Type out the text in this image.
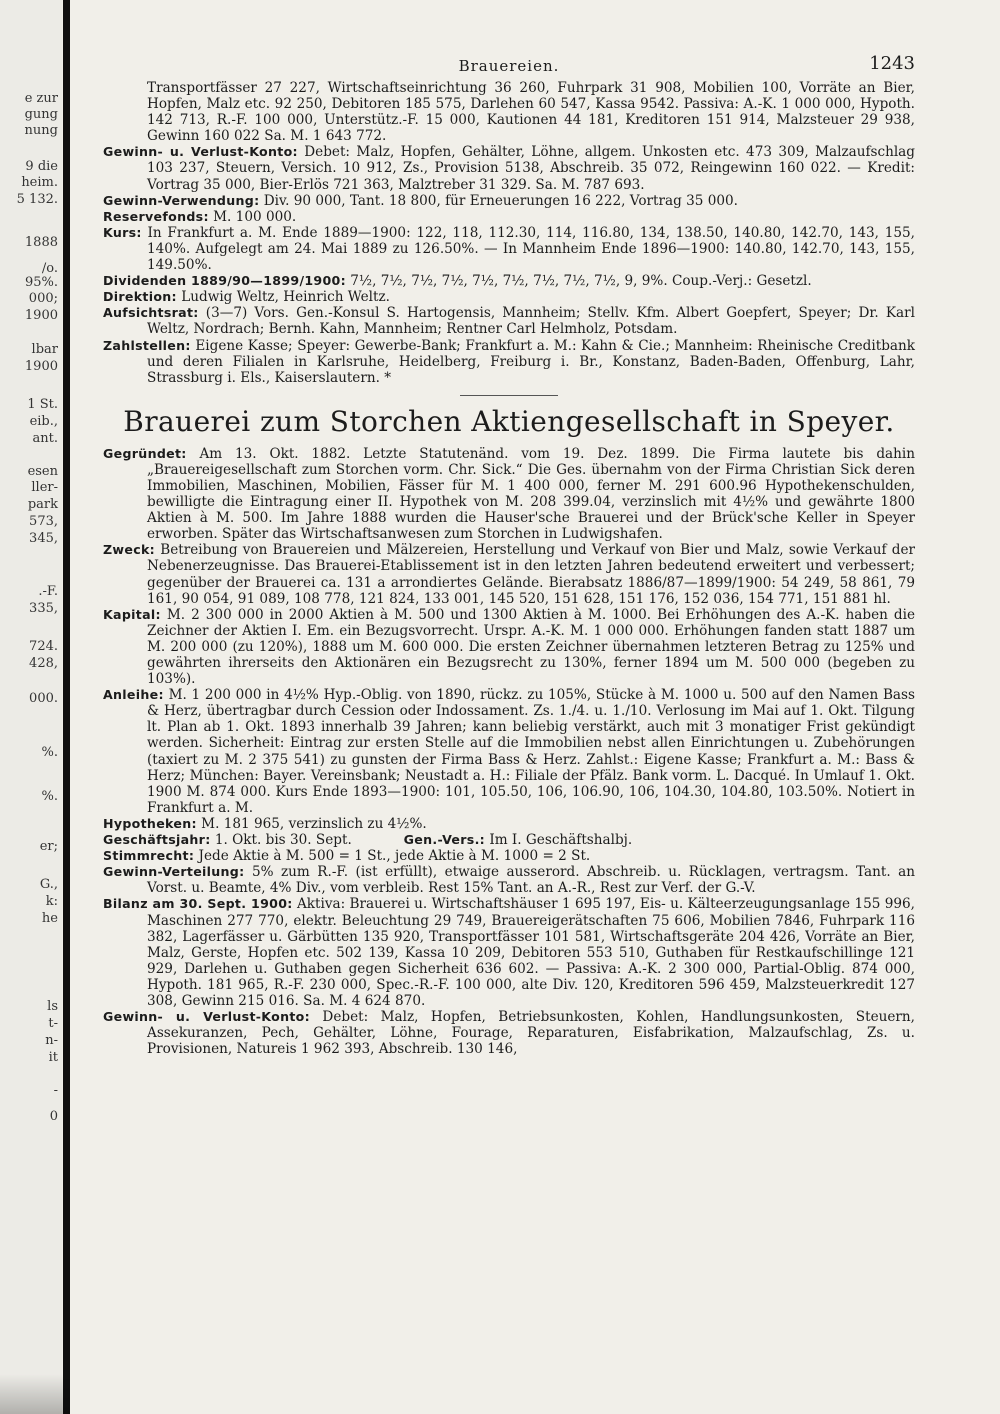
e zur
gung
nung
9 die
heim.
5 132.
1888
/o.
95%.
000;
1900
lbar
1900
1 St.
eib.,
ant.
esen
ller-
park
573,
345,
.-F.
335,
724.
428,
000.
%.
%.
er;
G.,
k:
he
ls
t-
n-
it
-
0
Brauereien.	1243

Transportfässer 27 227, Wirtschaftseinrichtung 36 260, Fuhrpark 31 908, Mobilien 100, Vorräte an Bier, Hopfen, Malz etc. 92 250, Debitoren 185 575, Darlehen 60 547, Kassa 9542. Passiva: A.-K. 1 000 000, Hypoth. 142 713, R.-F. 100 000, Unterstütz.-F. 15 000, Kautionen 44 181, Kreditoren 151 914, Malzsteuer 29 938, Gewinn 160 022 Sa. M. 1 643 772.

Gewinn- u. Verlust-Konto: Debet: Malz, Hopfen, Gehälter, Löhne, allgem. Unkosten etc. 473 309, Malzaufschlag 103 237, Steuern, Versich. 10 912, Zs., Provision 5138, Abschreib. 35 072, Reingewinn 160 022. — Kredit: Vortrag 35 000, Bier-Erlös 721 363, Malztreber 31 329. Sa. M. 787 693.

Gewinn-Verwendung: Div. 90 000, Tant. 18 800, für Erneuerungen 16 222, Vortrag 35 000.

Reservefonds: M. 100 000.

Kurs: In Frankfurt a. M. Ende 1889—1900: 122, 118, 112.30, 114, 116.80, 134, 138.50, 140.80, 142.70, 143, 155, 140%. Aufgelegt am 24. Mai 1889 zu 126.50%. — In Mannheim Ende 1896—1900: 140.80, 142.70, 143, 155, 149.50%.

Dividenden 1889/90—1899/1900: 7½, 7½, 7½, 7½, 7½, 7½, 7½, 7½, 7½, 9, 9%. Coup.-Verj.: Gesetzl.

Direktion: Ludwig Weltz, Heinrich Weltz.

Aufsichtsrat: (3—7) Vors. Gen.-Konsul S. Hartogensis, Mannheim; Stellv. Kfm. Albert Goepfert, Speyer; Dr. Karl Weltz, Nordrach; Bernh. Kahn, Mannheim; Rentner Carl Helmholz, Potsdam.

Zahlstellen: Eigene Kasse; Speyer: Gewerbe-Bank; Frankfurt a. M.: Kahn & Cie.; Mannheim: Rheinische Creditbank und deren Filialen in Karlsruhe, Heidelberg, Freiburg i. Br., Konstanz, Baden-Baden, Offenburg, Lahr, Strassburg i. Els., Kaiserslautern. *

Brauerei zum Storchen Aktiengesellschaft in Speyer.

Gegründet: Am 13. Okt. 1882. Letzte Statutenänd. vom 19. Dez. 1899. Die Firma lautete bis dahin „Brauereigesellschaft zum Storchen vorm. Chr. Sick.“ Die Ges. übernahm von der Firma Christian Sick deren Immobilien, Maschinen, Mobilien, Fässer für M. 1 400 000, ferner M. 291 600.96 Hypothekenschulden, bewilligte die Eintragung einer II. Hypothek von M. 208 399.04, verzinslich mit 4½% und gewährte 1800 Aktien à M. 500. Im Jahre 1888 wurden die Hauser'sche Brauerei und der Brück'sche Keller in Speyer erworben. Später das Wirtschaftsanwesen zum Storchen in Ludwigshafen.

Zweck: Betreibung von Brauereien und Mälzereien, Herstellung und Verkauf von Bier und Malz, sowie Verkauf der Nebenerzeugnisse. Das Brauerei-Etablissement ist in den letzten Jahren bedeutend erweitert und verbessert; gegenüber der Brauerei ca. 131 a arrondiertes Gelände. Bierabsatz 1886/87—1899/1900: 54 249, 58 861, 79 161, 90 054, 91 089, 108 778, 121 824, 133 001, 145 520, 151 628, 151 176, 152 036, 154 771, 151 881 hl.

Kapital: M. 2 300 000 in 2000 Aktien à M. 500 und 1300 Aktien à M. 1000. Bei Erhöhungen des A.-K. haben die Zeichner der Aktien I. Em. ein Bezugsvorrecht. Urspr. A.-K. M. 1 000 000. Erhöhungen fanden statt 1887 um M. 200 000 (zu 120%), 1888 um M. 600 000. Die ersten Zeichner übernahmen letzteren Betrag zu 125% und gewährten ihrerseits den Aktionären ein Bezugsrecht zu 130%, ferner 1894 um M. 500 000 (begeben zu 103%).

Anleihe: M. 1 200 000 in 4½% Hyp.-Oblig. von 1890, rückz. zu 105%, Stücke à M. 1000 u. 500 auf den Namen Bass & Herz, übertragbar durch Cession oder Indossament. Zs. 1./4. u. 1./10. Verlosung im Mai auf 1. Okt. Tilgung lt. Plan ab 1. Okt. 1893 innerhalb 39 Jahren; kann beliebig verstärkt, auch mit 3 monatiger Frist gekündigt werden. Sicherheit: Eintrag zur ersten Stelle auf die Immobilien nebst allen Einrichtungen u. Zubehörungen (taxiert zu M. 2 375 541) zu gunsten der Firma Bass & Herz. Zahlst.: Eigene Kasse; Frankfurt a. M.: Bass & Herz; München: Bayer. Vereinsbank; Neustadt a. H.: Filiale der Pfälz. Bank vorm. L. Dacqué. In Umlauf 1. Okt. 1900 M. 874 000. Kurs Ende 1893—1900: 101, 105.50, 106, 106.90, 106, 104.30, 104.80, 103.50%. Notiert in Frankfurt a. M.

Hypotheken: M. 181 965, verzinslich zu 4½%.

Geschäftsjahr: 1. Okt. bis 30. Sept.	Gen.-Vers.: Im I. Geschäftshalbj.

Stimmrecht: Jede Aktie à M. 500 = 1 St., jede Aktie à M. 1000 = 2 St.

Gewinn-Verteilung: 5% zum R.-F. (ist erfüllt), etwaige ausserord. Abschreib. u. Rücklagen, vertragsm. Tant. an Vorst. u. Beamte, 4% Div., vom verbleib. Rest 15% Tant. an A.-R., Rest zur Verf. der G.-V.

Bilanz am 30. Sept. 1900: Aktiva: Brauerei u. Wirtschaftshäuser 1 695 197, Eis- u. Kälteerzeugungsanlage 155 996, Maschinen 277 770, elektr. Beleuchtung 29 749, Brauereigerätschaften 75 606, Mobilien 7846, Fuhrpark 116 382, Lagerfässer u. Gärbütten 135 920, Transportfässer 101 581, Wirtschaftsgeräte 204 426, Vorräte an Bier, Malz, Gerste, Hopfen etc. 502 139, Kassa 10 209, Debitoren 553 510, Guthaben für Restkaufschillinge 121 929, Darlehen u. Guthaben gegen Sicherheit 636 602. — Passiva: A.-K. 2 300 000, Partial-Oblig. 874 000, Hypoth. 181 965, R.-F. 230 000, Spec.-R.-F. 100 000, alte Div. 120, Kreditoren 596 459, Malzsteuerkredit 127 308, Gewinn 215 016. Sa. M. 4 624 870.

Gewinn- u. Verlust-Konto: Debet: Malz, Hopfen, Betriebsunkosten, Kohlen, Handlungsunkosten, Steuern, Assekuranzen, Pech, Gehälter, Löhne, Fourage, Reparaturen, Eisfabrikation, Malzaufschlag, Zs. u. Provisionen, Natureis 1 962 393, Abschreib. 130 146,
